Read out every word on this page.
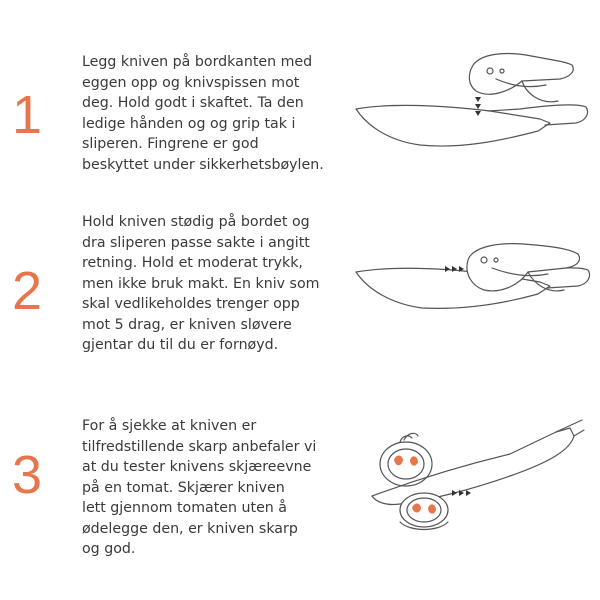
1
Legg kniven på bordkanten med
eggen opp og knivspissen mot
deg. Hold godt i skaftet. Ta den
ledige hånden og og grip tak i
sliperen. Fingrene er god
beskyttet under sikkerhetsbøylen.
2
Hold kniven stødig på bordet og
dra sliperen passe sakte i angitt
retning. Hold et moderat trykk,
men ikke bruk makt. En kniv som
skal vedlikeholdes trenger opp
mot 5 drag, er kniven sløvere
gjentar du til du er fornøyd.
3
For å sjekke at kniven er
tilfredstillende skarp anbefaler vi
at du tester knivens skjæreevne
på en tomat. Skjærer kniven
lett gjennom tomaten uten å
ødelegge den, er kniven skarp
og god.
